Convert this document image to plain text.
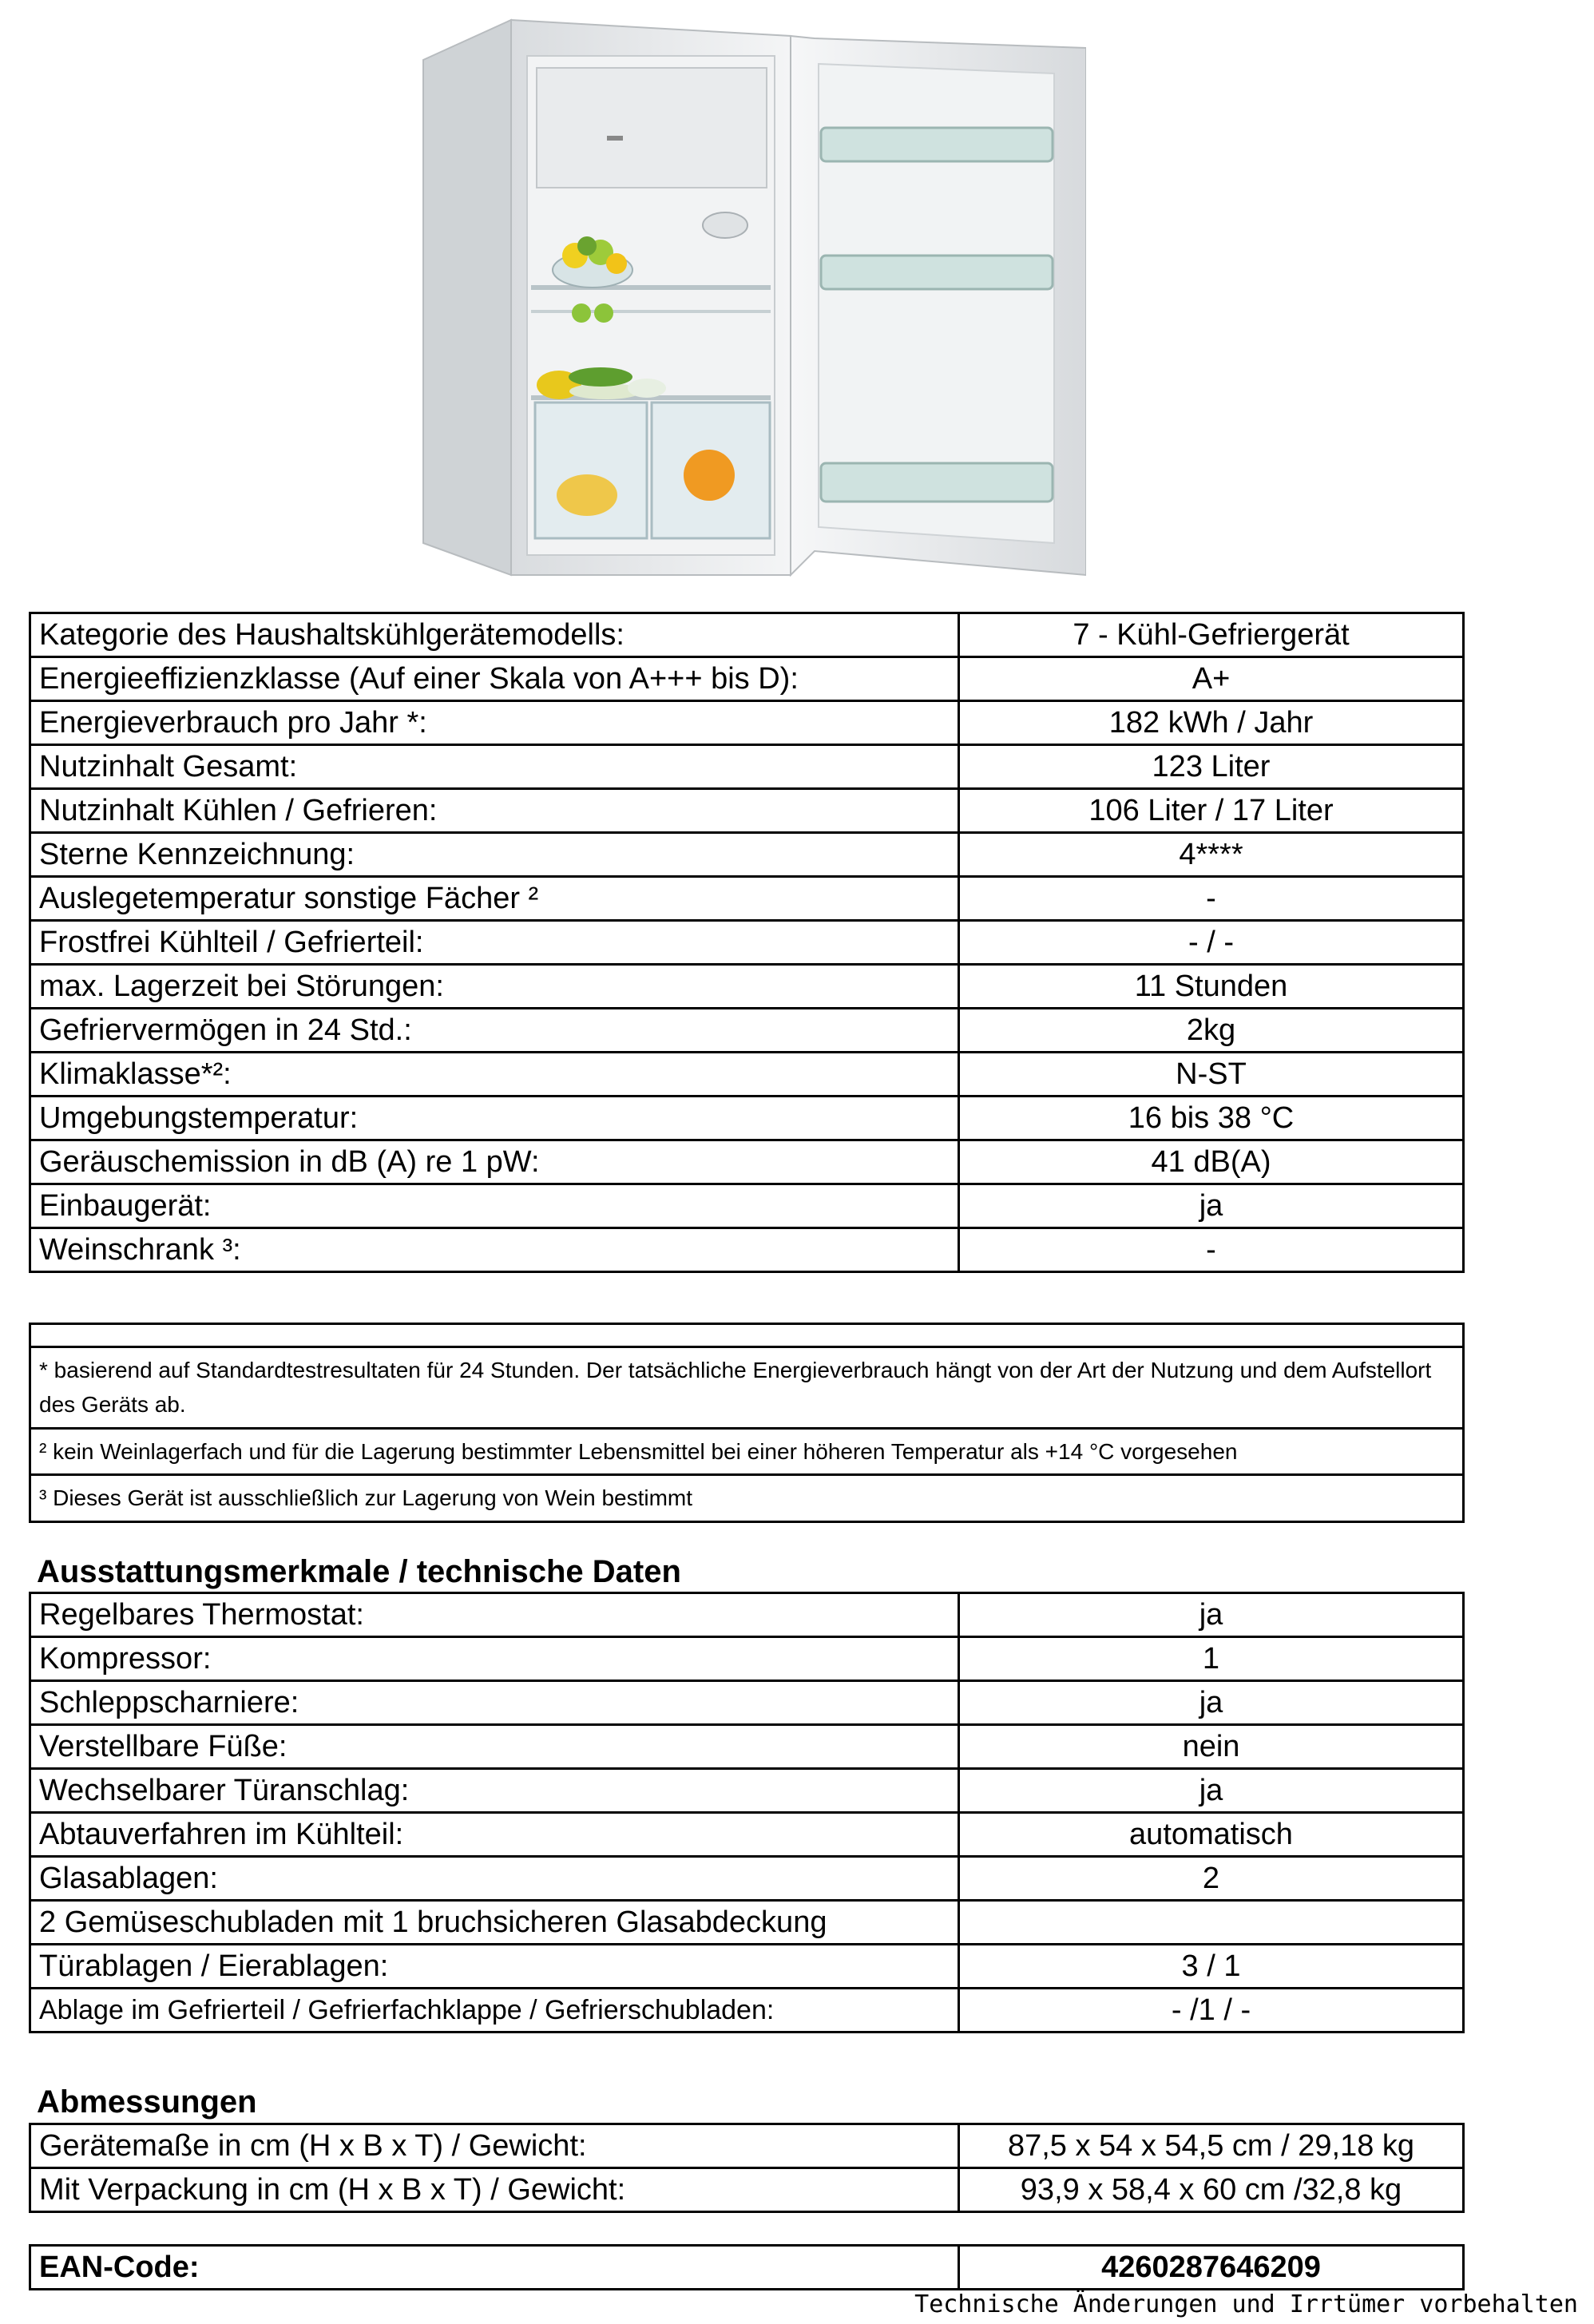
Kategorie des Haushaltskühlgerätemodells:	7 - Kühl-Gefriergerät
Energieeffizienzklasse (Auf einer Skala von A+++ bis D):	A+
Energieverbrauch pro Jahr *:	182 kWh / Jahr
Nutzinhalt Gesamt:	123 Liter
Nutzinhalt Kühlen / Gefrieren:	106 Liter / 17 Liter
Sterne Kennzeichnung:	4****
Auslegetemperatur sonstige Fächer ²	-
Frostfrei Kühlteil / Gefrierteil:	- / -
max. Lagerzeit bei Störungen:	11 Stunden
Gefriervermögen in 24 Std.:	2kg
Klimaklasse*²:	N-ST
Umgebungstemperatur:	16 bis 38 °C
Geräuschemission in dB (A) re 1 pW:	41 dB(A)
Einbaugerät:	ja
Weinschrank ³:	-
* basierend auf Standardtestresultaten für 24 Stunden. Der tatsächliche Energieverbrauch hängt von der Art der Nutzung und dem Aufstellort des Geräts ab.
² kein Weinlagerfach und für die Lagerung bestimmter Lebensmittel bei einer höheren Temperatur als +14 °C vorgesehen
³ Dieses Gerät ist ausschließlich zur Lagerung von Wein bestimmt
Ausstattungsmerkmale / technische Daten
Regelbares Thermostat:	ja
Kompressor:	1
Schleppscharniere:	ja
Verstellbare Füße:	nein
Wechselbarer Türanschlag:	ja
Abtauverfahren im Kühlteil:	automatisch
Glasablagen:	2
2 Gemüseschubladen mit 1 bruchsicheren Glasabdeckung	
Türablagen / Eierablagen:	3 / 1
Ablage im Gefrierteil / Gefrierfachklappe / Gefrierschubladen:	- /1 / -
Abmessungen
Gerätemaße in cm (H x B x T) / Gewicht:	87,5 x 54 x 54,5 cm / 29,18 kg
Mit Verpackung in cm (H x B x T) / Gewicht:	93,9 x 58,4 x 60 cm /32,8 kg
EAN-Code:	4260287646209
Technische Änderungen und Irrtümer vorbehalten
